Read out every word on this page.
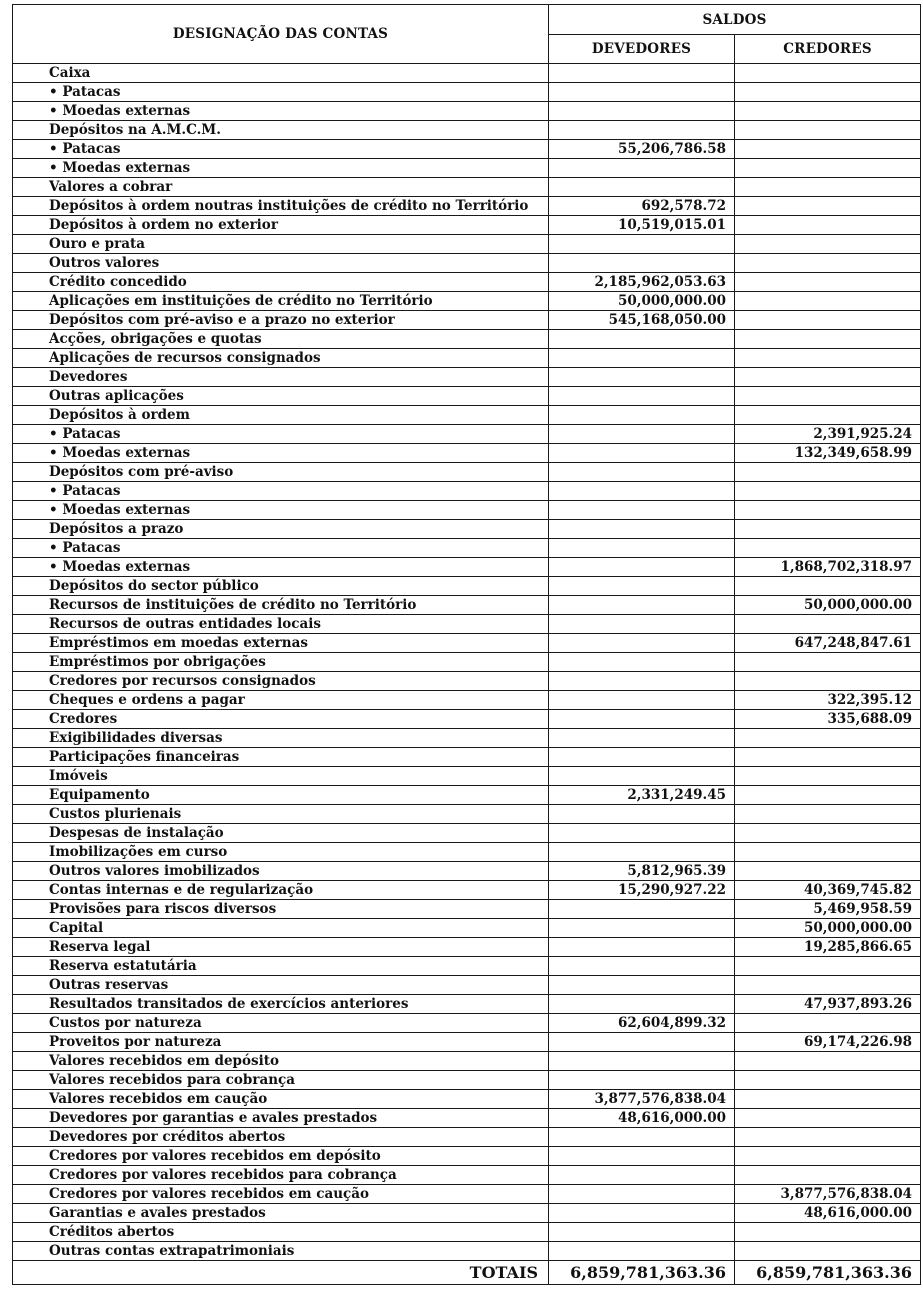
DESIGNAÇÃO DAS CONTAS	SALDOS	
	DEVEDORES	CREDORES
Caixa		
• Patacas		
• Moedas externas		
Depósitos na A.M.C.M.		
• Patacas	55,206,786.58	
• Moedas externas		
Valores a cobrar		
Depósitos à ordem noutras instituições de crédito no Território	692,578.72	
Depósitos à ordem no exterior	10,519,015.01	
Ouro e prata		
Outros valores		
Crédito concedido	2,185,962,053.63	
Aplicações em instituições de crédito no Território	50,000,000.00	
Depósitos com pré-aviso e a prazo no exterior	545,168,050.00	
Acções, obrigações e quotas		
Aplicações de recursos consignados		
Devedores		
Outras aplicações		
Depósitos à ordem		
• Patacas		2,391,925.24
• Moedas externas		132,349,658.99
Depósitos com pré-aviso		
• Patacas		
• Moedas externas		
Depósitos a prazo		
• Patacas		
• Moedas externas		1,868,702,318.97
Depósitos do sector público		
Recursos de instituições de crédito no Território		50,000,000.00
Recursos de outras entidades locais		
Empréstimos em moedas externas		647,248,847.61
Empréstimos por obrigações		
Credores por recursos consignados		
Cheques e ordens a pagar		322,395.12
Credores		335,688.09
Exigibilidades diversas		
Participações financeiras		
Imóveis		
Equipamento	2,331,249.45	
Custos plurienais		
Despesas de instalação		
Imobilizações em curso		
Outros valores imobilizados	5,812,965.39	
Contas internas e de regularização	15,290,927.22	40,369,745.82
Provisões para riscos diversos		5,469,958.59
Capital		50,000,000.00
Reserva legal		19,285,866.65
Reserva estatutária		
Outras reservas		
Resultados transitados de exercícios anteriores		47,937,893.26
Custos por natureza	62,604,899.32	
Proveitos por natureza		69,174,226.98
Valores recebidos em depósito		
Valores recebidos para cobrança		
Valores recebidos em caução	3,877,576,838.04	
Devedores por garantias e avales prestados	48,616,000.00	
Devedores por créditos abertos		
Credores por valores recebidos em depósito		
Credores por valores recebidos para cobrança		
Credores por valores recebidos em caução		3,877,576,838.04
Garantias e avales prestados		48,616,000.00
Créditos abertos		
Outras contas extrapatrimoniais		
TOTAIS	6,859,781,363.36	6,859,781,363.36
